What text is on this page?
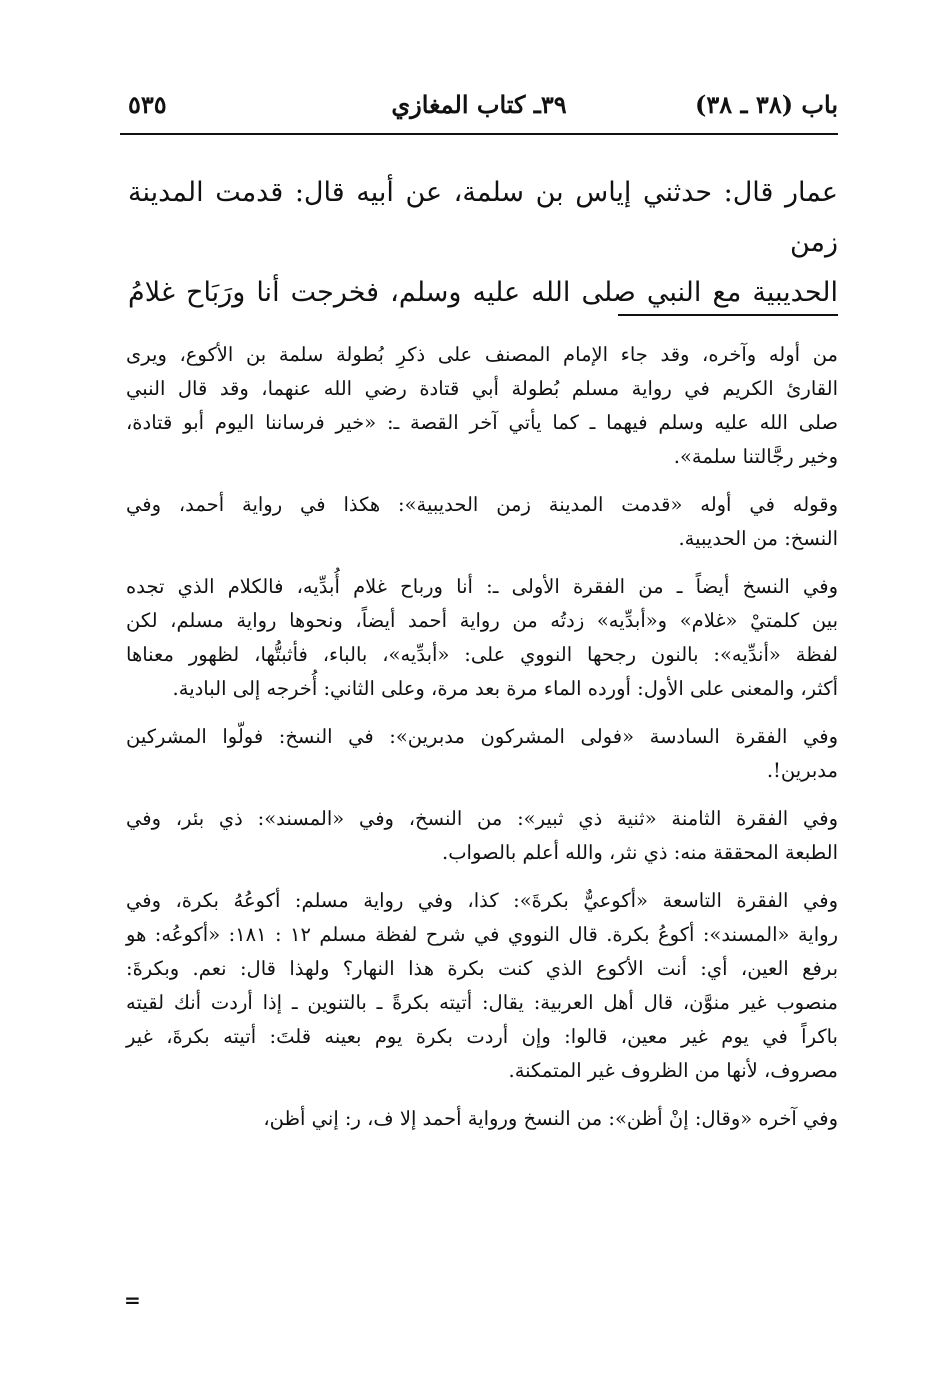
باب (٣٨ ـ ٣٨)
٣٩ـ كتاب المغازي
٥٣٥
عمار قال: حدثني إياس بن سلمة، عن أبيه قال: قدمت المدينة زمن
الحديبية مع النبي صلى الله عليه وسلم، فخرجت أنا ورَبَاح غلامُ
من أوله وآخره، وقد جاء الإمام المصنف على ذكرِ بُطولة سلمة بن الأكوع، ويرى
القارئ الكريم في رواية مسلم بُطولة أبي قتادة رضي الله عنهما، وقد قال النبي
صلى الله عليه وسلم فيهما ـ كما يأتي آخر القصة ـ: «خير فرساننا اليوم أبو قتادة،
وخير رجَّالتنا سلمة».
وقوله في أوله «قدمت المدينة زمن الحديبية»: هكذا في رواية أحمد، وفي
النسخ: من الحديبية.
وفي النسخ أيضاً ـ من الفقرة الأولى ـ: أنا ورباح غلام أُبدِّيه، فالكلام الذي تجده
بين كلمتيْ «غلام» و«أبدِّيه» زدتُه من رواية أحمد أيضاً، ونحوها رواية مسلم، لكن
لفظة «أندِّيه»: بالنون رجحها النووي على: «أبدِّيه»، بالباء، فأثبتُّها، لظهور معناها
أكثر، والمعنى على الأول: أورده الماء مرة بعد مرة، وعلى الثاني: أُخرجه إلى البادية.
وفي الفقرة السادسة «فولى المشركون مدبرين»: في النسخ: فولّوا المشركين
مدبرين!.
وفي الفقرة الثامنة «ثنية ذي ثبير»: من النسخ، وفي «المسند»: ذي بئر، وفي
الطبعة المحققة منه: ذي نثر، والله أعلم بالصواب.
وفي الفقرة التاسعة «أكوعيٌّ بكرةَ»: كذا، وفي رواية مسلم: أكوعُهُ بكرة، وفي
رواية «المسند»: أكوعُ بكرة. قال النووي في شرح لفظة مسلم ١٢ : ١٨١: «أكوعُه: هو
برفع العين، أي: أنت الأكوع الذي كنت بكرة هذا النهار؟ ولهذا قال: نعم. وبكرةَ:
منصوب غير منوَّن، قال أهل العربية: يقال: أتيته بكرةً ـ بالتنوين ـ إذا أردت أنك لقيته
باكراً في يوم غير معين، قالوا: وإن أردت بكرة يوم بعينه قلتَ: أتيته بكرةَ، غير
مصروف، لأنها من الظروف غير المتمكنة.
وفي آخره «وقال: إنْ أظن»: من النسخ ورواية أحمد إلا ف، ر: إني أظن،
=
